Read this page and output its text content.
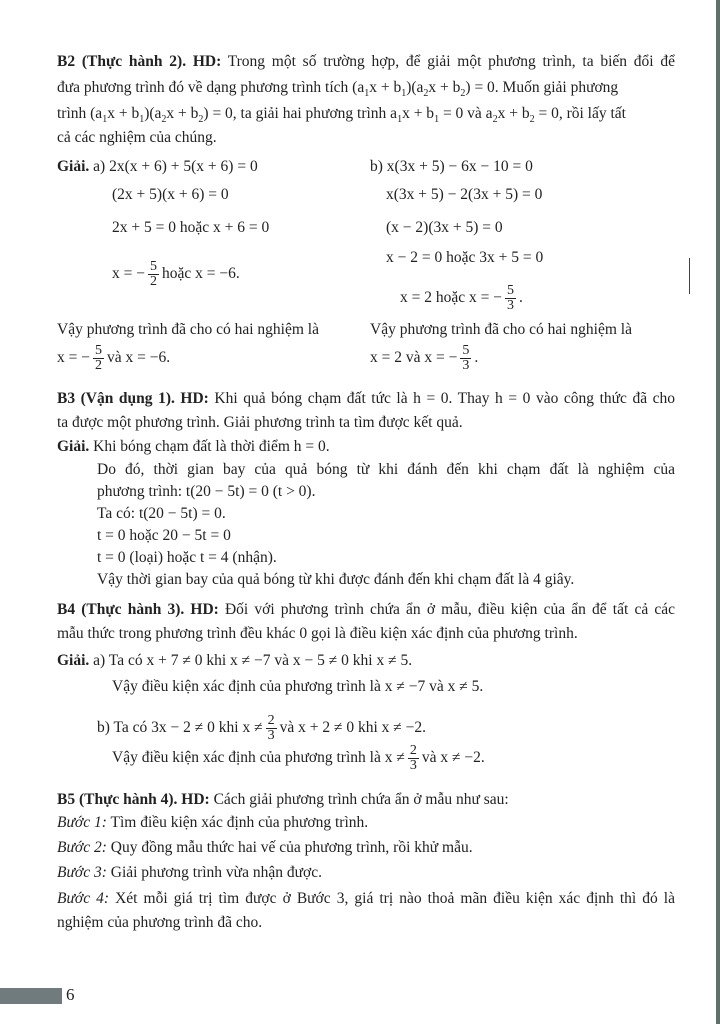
B2 (Thực hành 2). HD: Trong một số trường hợp, để giải một phương trình, ta biến đổi để
đưa phương trình đó về dạng phương trình tích $(a_1x + b_1)(a_2x + b_2) = 0$. Muốn giải phương
trình $(a_1x + b_1)(a_2x + b_2) = 0$, ta giải hai phương trình $a_1x + b_1 = 0$ và $a_2x + b_2 = 0$, rồi lấy tất
cả các nghiệm của chúng.
Giải. a) 2x(x + 6) + 5(x + 6) = 0
(2x + 5)(x + 6) = 0
2x + 5 = 0 hoặc x + 6 = 0
x = − $\frac{5}{2}$ hoặc x = −6.
b) x(3x + 5) − 6x − 10 = 0
x(3x + 5) − 2(3x + 5) = 0
(x − 2)(3x + 5) = 0
x − 2 = 0 hoặc 3x + 5 = 0
x = 2 hoặc x = − $\frac{5}{3}$ .
Vậy phương trình đã cho có hai nghiệm là
x = − $\frac{5}{2}$ và x = −6.
Vậy phương trình đã cho có hai nghiệm là
x = 2 và x = − $\frac{5}{3}$ .
B3 (Vận dụng 1). HD: Khi quả bóng chạm đất tức là h = 0. Thay h = 0 vào công thức đã cho
ta được một phương trình. Giải phương trình ta tìm được kết quả.
Giải. Khi bóng chạm đất là thời điểm h = 0.
Do đó, thời gian bay của quả bóng từ khi đánh đến khi chạm đất là nghiệm của
phương trình: t(20 − 5t) = 0 (t > 0).
Ta có: t(20 − 5t) = 0.
t = 0 hoặc 20 − 5t = 0
t = 0 (loại) hoặc t = 4 (nhận).
Vậy thời gian bay của quả bóng từ khi được đánh đến khi chạm đất là 4 giây.
B4 (Thực hành 3). HD: Đối với phương trình chứa ẩn ở mẫu, điều kiện của ẩn để tất cả các
mẫu thức trong phương trình đều khác 0 gọi là điều kiện xác định của phương trình.
Giải. a) Ta có x + 7 ≠ 0 khi x ≠ −7 và x − 5 ≠ 0 khi x ≠ 5.
Vậy điều kiện xác định của phương trình là x ≠ −7 và x ≠ 5.
b) Ta có 3x − 2 ≠ 0 khi $x \ne \frac{2}{3}$ và x + 2 ≠ 0 khi x ≠ −2.
Vậy điều kiện xác định của phương trình là $x \ne \frac{2}{3}$ và x ≠ −2.
B5 (Thực hành 4). HD: Cách giải phương trình chứa ẩn ở mẫu như sau:
Bước 1: Tìm điều kiện xác định của phương trình.
Bước 2: Quy đồng mẫu thức hai vế của phương trình, rồi khử mẫu.
Bước 3: Giải phương trình vừa nhận được.
Bước 4: Xét mỗi giá trị tìm được ở Bước 3, giá trị nào thoả mãn điều kiện xác định thì đó là
nghiệm của phương trình đã cho.
6
